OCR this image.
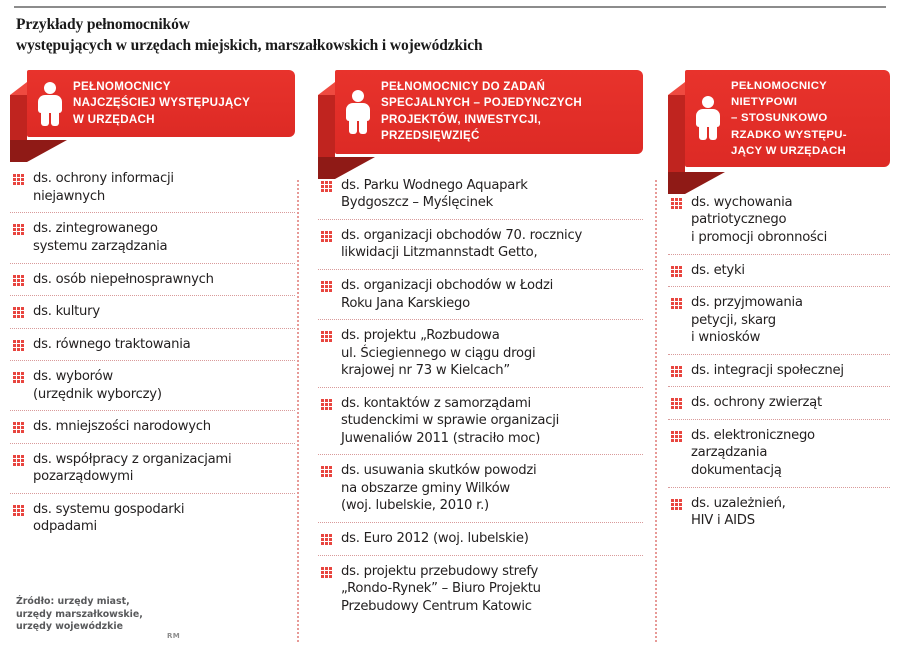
Przykłady pełnomocników
występujących w urzędach miejskich, marszałkowskich i wojewódzkich
PEŁNOMOCNICY
NAJCZĘŚCIEJ WYSTĘPUJĄCY
W URZĘDACH
ds. ochrony informacji
niejawnych
ds. zintegrowanego
systemu zarządzania
ds. osób niepełnosprawnych
ds. kultury
ds. równego traktowania
ds. wyborów
(urzędnik wyborczy)
ds. mniejszości narodowych
ds. współpracy z organizacjami
pozarządowymi
ds. systemu gospodarki
odpadami
PEŁNOMOCNICY DO ZADAŃ
SPECJALNYCH – POJEDYNCZYCH
PROJEKTÓW, INWESTYCJI,
PRZEDSIĘWZIĘĆ
ds. Parku Wodnego Aquapark
Bydgoszcz – Myślęcinek
ds. organizacji obchodów 70. rocznicy
likwidacji Litzmannstadt Getto,
ds. organizacji obchodów w Łodzi
Roku Jana Karskiego
ds. projektu „Rozbudowa
ul. Ściegiennego w ciągu drogi
krajowej nr 73 w Kielcach”
ds. kontaktów z samorządami
studenckimi w sprawie organizacji
Juwenaliów 2011 (straciło moc)
ds. usuwania skutków powodzi
na obszarze gminy Wilków
(woj. lubelskie, 2010 r.)
ds. Euro 2012 (woj. lubelskie)
ds. projektu przebudowy strefy
„Rondo-Rynek” – Biuro Projektu
Przebudowy Centrum Katowic
PEŁNOMOCNICY
NIETYPOWI
– STOSUNKOWO
RZADKO WYSTĘPU-
JĄCY W URZĘDACH
ds. wychowania
patriotycznego
i promocji obronności
ds. etyki
ds. przyjmowania
petycji, skarg
i wniosków
ds. integracji społecznej
ds. ochrony zwierząt
ds. elektronicznego
zarządzania
dokumentacją
ds. uzależnień,
HIV i AIDS
Źródło: urzędy miast,
urzędy marszałkowskie,
urzędy wojewódzkie
RM
